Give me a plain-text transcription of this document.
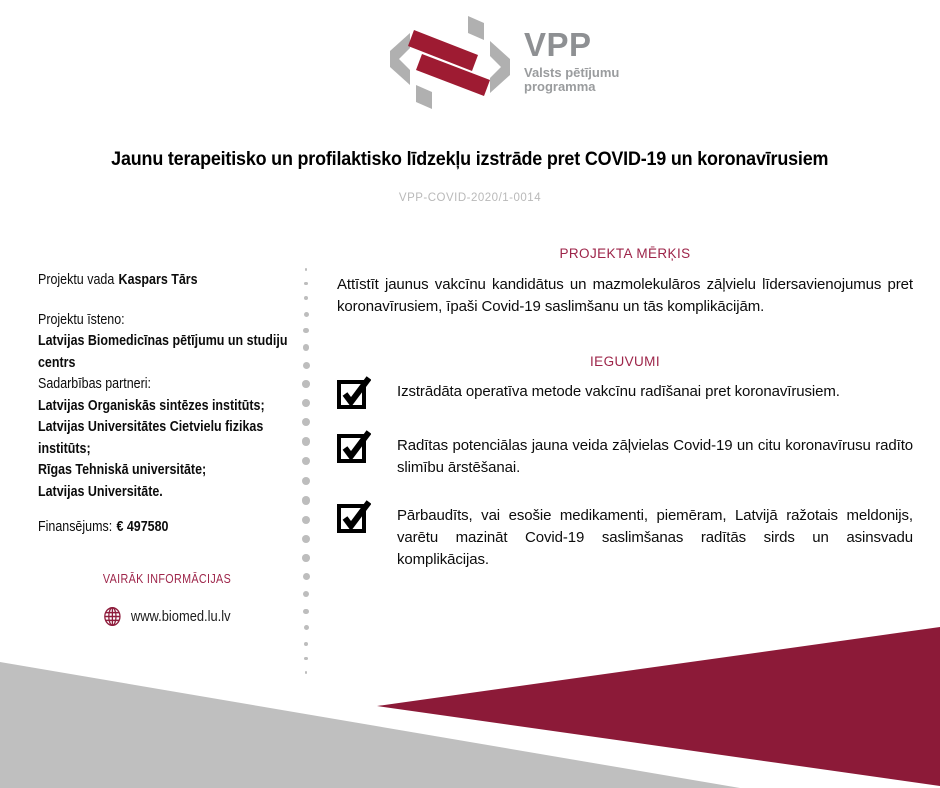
VPP
Valsts pētījumu programma
Jaunu terapeitisko un profilaktisko līdzekļu izstrāde pret COVID-19 un koronavīrusiem
VPP-COVID-2020/1-0014

Projektu vada Kaspars Tārs

Projektu īsteno:

Latvijas Biomedicīnas pētījumu un studiju centrs

Sadarbības partneri:

Latvijas Organiskās sintēzes institūts;
Latvijas Universitātes Cietvielu fizikas institūts;
Rīgas Tehniskā universitāte;
Latvijas Universitāte.

Finansējums: € 497580

VAIRĀK INFORMĀCIJAS

www.biomed.lu.lv
PROJEKTA MĒRĶIS

Attīstīt jaunus vakcīnu kandidātus un mazmolekulāros zāļvielu līdersavienojumus pret koronavīrusiem, īpaši Covid-19 saslimšanu un tās komplikācijām.

IEGUVUMI
Izstrādāta operatīva metode vakcīnu radīšanai pret koronavīrusiem.
Radītas potenciālas jauna veida zāļvielas Covid-19 un citu koronavīrusu radīto slimību ārstēšanai.
Pārbaudīts, vai esošie medikamenti, piemēram, Latvijā ražotais meldonijs, varētu mazināt Covid-19 saslimšanas radītās sirds un asinsvadu komplikācijas.
